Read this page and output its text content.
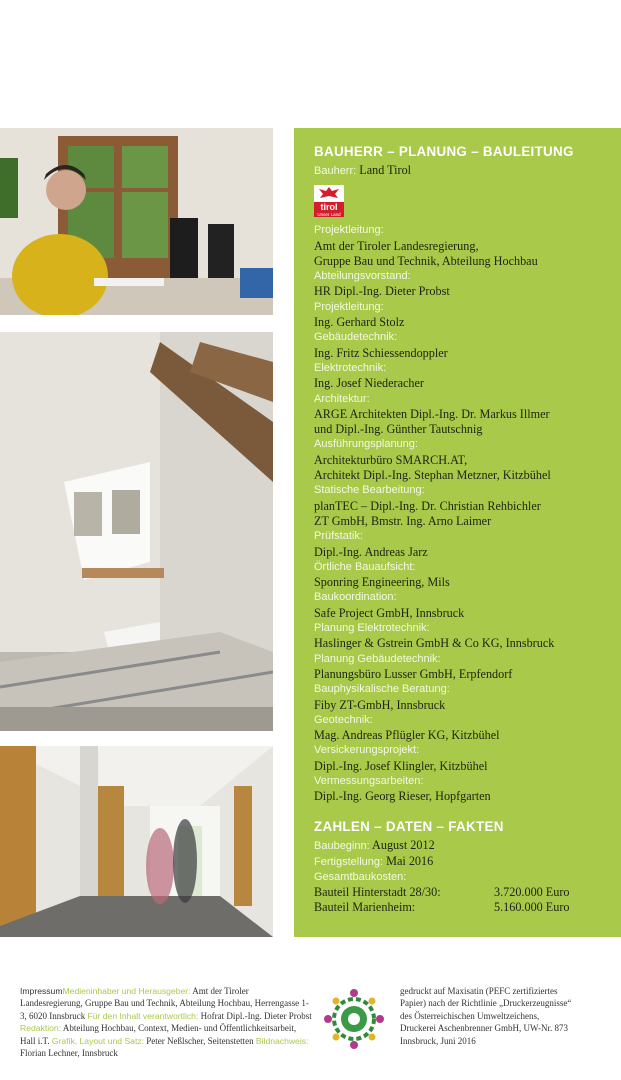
BAUHERR – PLANUNG – BAULEITUNG
Bauherr: Land Tirol
tirol
Unser Land
Projektleitung:
Amt der Tiroler Landesregierung,
Gruppe Bau und Technik, Abteilung Hochbau
Abteilungsvorstand:
HR Dipl.-Ing. Dieter Probst
Projektleitung:
Ing. Gerhard Stolz
Gebäudetechnik:
Ing. Fritz Schiessendoppler
Elektrotechnik:
Ing. Josef Niederacher
Architektur:
ARGE Architekten Dipl.-Ing. Dr. Markus Illmer
und Dipl.-Ing. Günther Tautschnig
Ausführungsplanung:
Architekturbüro SMARCH.AT,
Architekt Dipl.-Ing. Stephan Metzner, Kitzbühel
Statische Bearbeitung:
planTEC – Dipl.-Ing. Dr. Christian Rehbichler
ZT GmbH, Bmstr. Ing. Arno Laimer
Prüfstatik:
Dipl.-Ing. Andreas Jarz
Örtliche Bauaufsicht:
Sponring Engineering, Mils
Baukoordination:
Safe Project GmbH, Innsbruck
Planung Elektrotechnik:
Haslinger & Gstrein GmbH & Co KG, Innsbruck
Planung Gebäudetechnik:
Planungsbüro Lusser GmbH, Erpfendorf
Bauphysikalische Beratung:
Fiby ZT-GmbH, Innsbruck
Geotechnik:
Mag. Andreas Pflügler KG, Kitzbühel
Versickerungsprojekt:
Dipl.-Ing. Josef Klingler, Kitzbühel
Vermessungsarbeiten:
Dipl.-Ing. Georg Rieser, Hopfgarten
ZAHLEN – DATEN – FAKTEN
Baubeginn: August 2012
Fertigstellung: Mai 2016
Gesamtbaukosten:
Bauteil Hinterstadt 28/30:	3.720.000 Euro
Bauteil Marienheim:	5.160.000 Euro
ImpressumMedieninhaber und Herausgeber: Amt der Tiroler Landesregierung, Gruppe Bau und Technik, Abteilung Hochbau, Herrengasse 1-3, 6020 Innsbruck Für den Inhalt verantwortlich: Hofrat Dipl.-Ing. Dieter Probst Redaktion: Abteilung Hochbau, Context, Medien- und Öffentlichkeitsarbeit, Hall i.T. Grafik, Layout und Satz: Peter Neßlscher, Seitenstetten Bildnachweis: Florian Lechner, Innsbruck
gedruckt auf Maxisatin (PEFC zertifiziertes
Papier) nach der Richtlinie „Druckerzeugnisse“
des Österreichischen Umweltzeichens,
Druckerei Aschenbrenner GmbH, UW-Nr. 873
Innsbruck, Juni 2016
